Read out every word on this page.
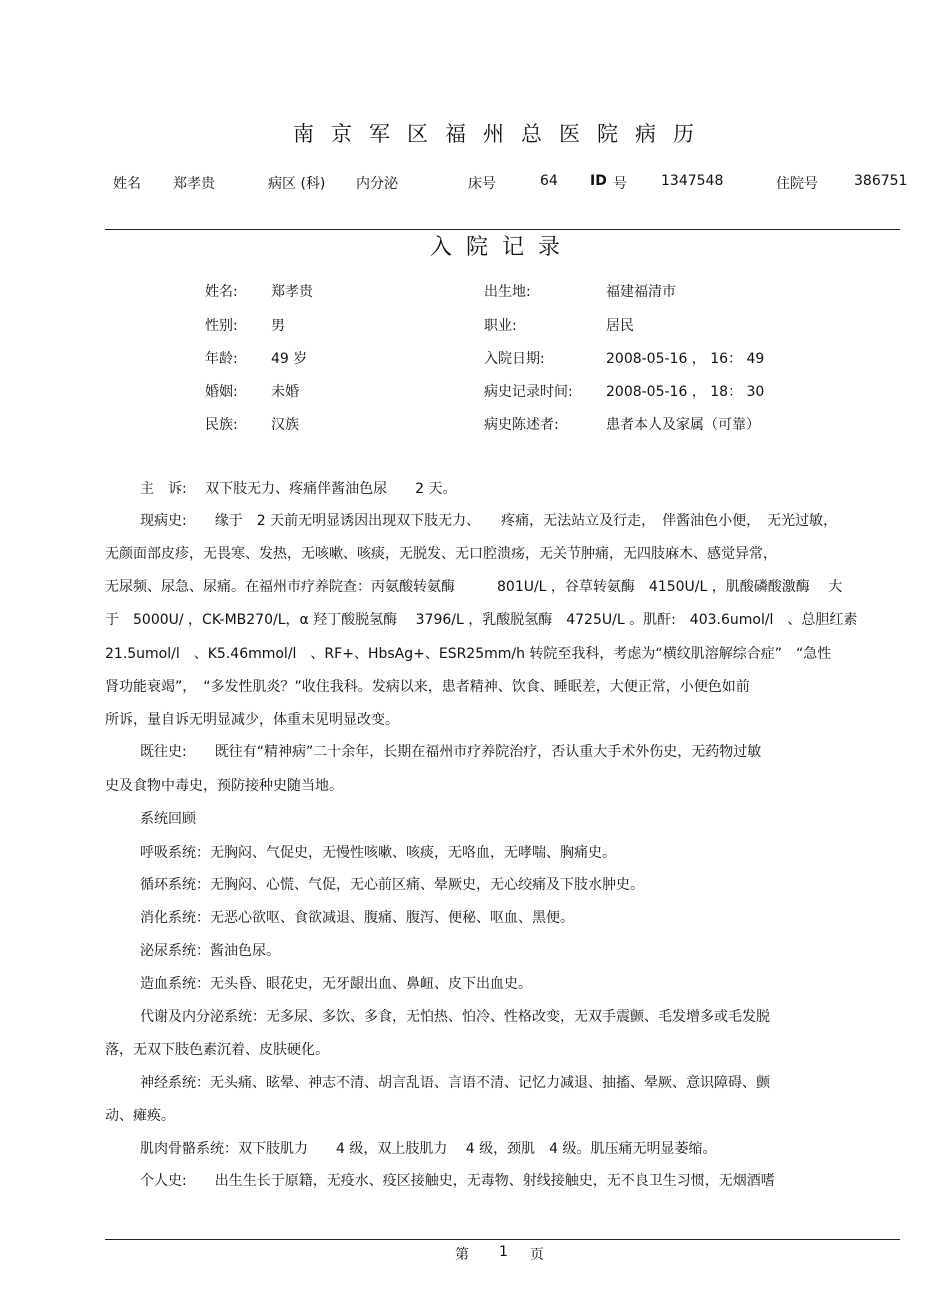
南京军区福州总医院病历
姓名 郑孝贵	病区 (科) 内分泌	床号	64 ID 号 1347548	住院号	386751
入院记录
姓名: 郑孝贵	出生地:	福建福清市
性别: 男	职业:	居民
年龄: 49 岁	入院日期:	2008-05-16 ， 16： 49
婚姻: 未婚	病史记录时间: 2008-05-16 ， 18： 30
民族: 汉族	病史陈述者:	患者本人及家属（可靠）
主　诉:　 双下肢无力、疼痛伴酱油色尿　　2 天。
现病史:　　缘于　2 天前无明显诱因出现双下肢无力、　　疼痛，无法站立及行走，　伴酱油色小便，　无光过敏，
无颜面部皮疹，无畏寒、发热，无咳嗽、咳痰，无脱发、无口腔溃疡，无关节肿痛，无四肢麻木、感觉异常，
无尿频、尿急、尿痛。在福州市疗养院查：丙氨酸转氨酶　　　801U/L ，谷草转氨酶　4150U/L ，肌酸磷酸激酶　 大
于　5000U/ ，CK-MB270/L，α 羟丁酸脱氢酶　 3796/L ，乳酸脱氢酶　4725U/L 。肌酐:　403.6umol/l　、总胆红素
21.5umol/l　、K5.46mmol/l　、RF+、HbsAg+、ESR25mm/h 转院至我科，考虑为“横纹肌溶解综合症”　“急性
肾功能衰竭”，　“多发性肌炎？”收住我科。发病以来，患者精神、饮食、睡眠差，大便正常，小便色如前
所诉，量自诉无明显减少，体重未见明显改变。
既往史:　　既往有“精神病”二十余年，长期在福州市疗养院治疗，否认重大手术外伤史，无药物过敏
史及食物中毒史，预防接种史随当地。
系统回顾
呼吸系统：无胸闷、气促史，无慢性咳嗽、咳痰，无咯血，无哮喘、胸痛史。
循环系统：无胸闷、心慌、气促，无心前区痛、晕厥史，无心绞痛及下肢水肿史。
消化系统：无恶心欲呕、食欲减退、腹痛、腹泻、便秘、呕血、黑便。
泌尿系统：酱油色尿。
造血系统：无头昏、眼花史，无牙龈出血、鼻衄、皮下出血史。
代谢及内分泌系统：无多尿、多饮、多食，无怕热、怕冷、性格改变，无双手震颤、毛发增多或毛发脱
落，无双下肢色素沉着、皮肤硬化。
神经系统：无头痛、眩晕、神志不清、胡言乱语、言语不清、记忆力减退、抽搐、晕厥、意识障碍、颤
动、瘫痪。
肌肉骨骼系统：双下肢肌力　　4 级，双上肢肌力　 4 级，颈肌　4 级。肌压痛无明显萎缩。
个人史:　　出生生长于原籍，无疫水、疫区接触史，无毒物、射线接触史，无不良卫生习惯，无烟酒嗜
第 1 页
